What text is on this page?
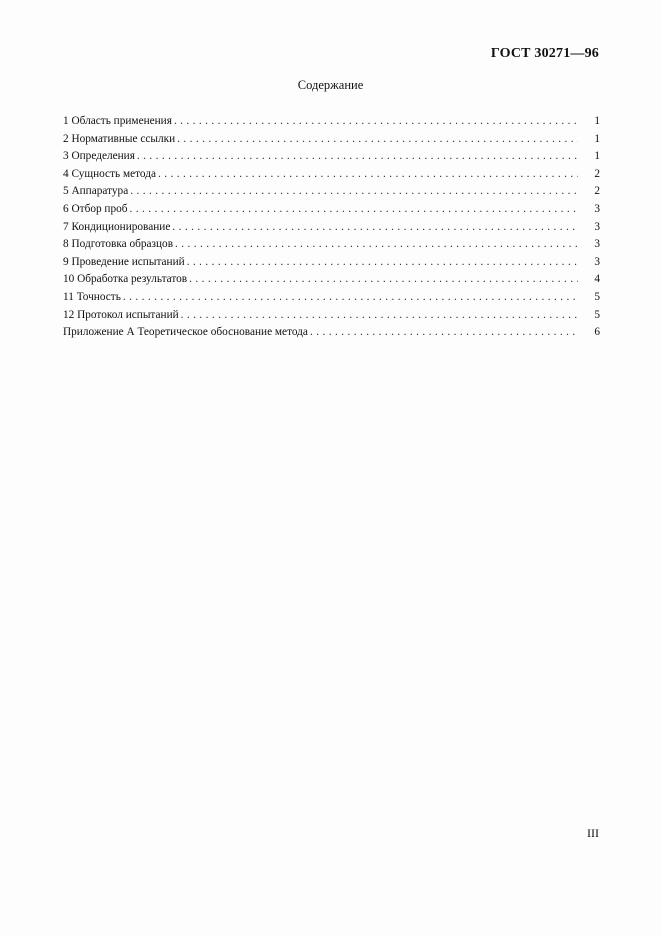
ГОСТ 30271—96
Содержание
1 Область применения . . .	1
2 Нормативные ссылки . . .	1
3 Определения . . .	1
4 Сущность метода . . .	2
5 Аппаратура . . .	2
6 Отбор проб . . .	3
7 Кондиционирование . . .	3
8 Подготовка образцов . . .	3
9 Проведение испытаний . . .	3
10 Обработка результатов . . .	4
11 Точность . . .	5
12 Протокол испытаний . . .	5
Приложение А Теоретическое обоснование метода . . .	6
III
